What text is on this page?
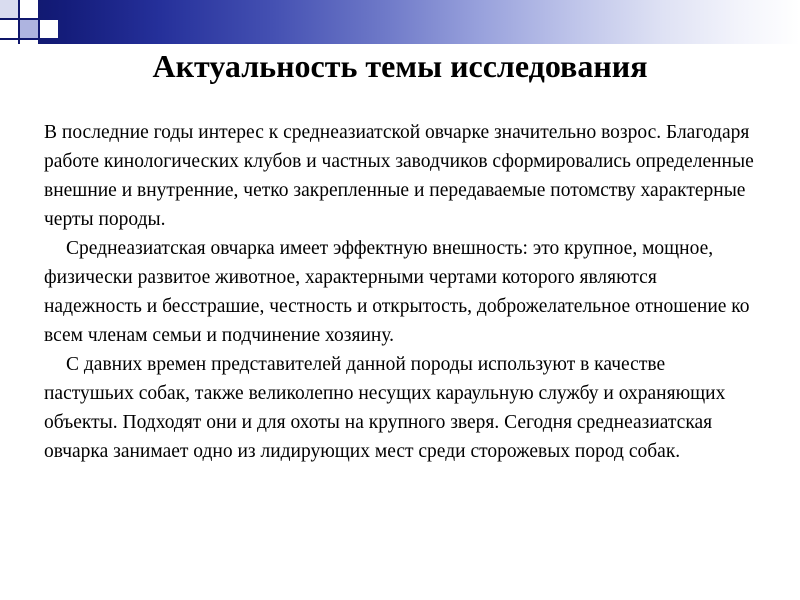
Актуальность темы исследования

В последние годы интерес к среднеазиатской овчарке значительно возрос. Благодаря работе кинологических клубов и частных заводчиков сформировались определенные внешние и внутренние, четко закрепленные и передаваемые потомству характерные черты породы.

Среднеазиатская овчарка имеет эффектную внешность: это крупное, мощное, физически развитое животное, характерными чертами которого являются надежность и бесстрашие, честность и открытость, доброжелательное отношение ко всем членам семьи и подчинение хозяину.

С давних времен представителей данной породы используют в качестве пастушьих собак, также великолепно несущих караульную службу и охраняющих объекты. Подходят они и для охоты на крупного зверя. Сегодня среднеазиатская овчарка занимает одно из лидирующих мест среди сторожевых пород собак.
